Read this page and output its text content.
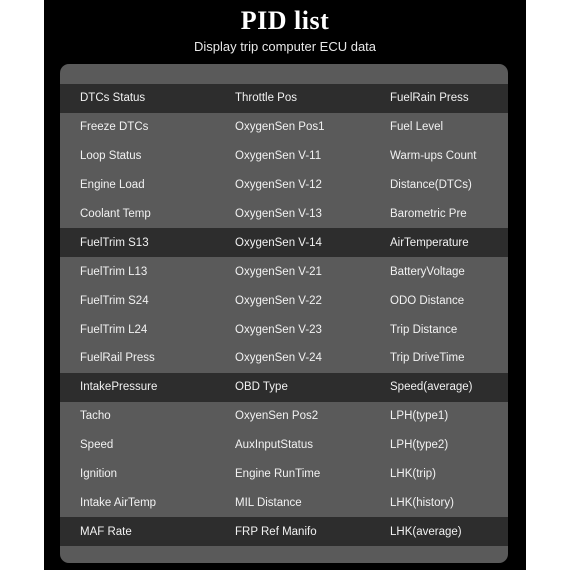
PID list
Display trip computer ECU data
DTCs Status	Throttle Pos	FuelRain Press
Freeze DTCs	OxygenSen Pos1	Fuel Level
Loop Status	OxygenSen V-11	Warm-ups Count
Engine Load	OxygenSen V-12	Distance(DTCs)
Coolant Temp	OxygenSen V-13	Barometric Pre
FuelTrim S13	OxygenSen V-14	AirTemperature
FuelTrim L13	OxygenSen V-21	BatteryVoltage
FuelTrim S24	OxygenSen V-22	ODO Distance
FuelTrim L24	OxygenSen V-23	Trip Distance
FuelRail Press	OxygenSen V-24	Trip DriveTime
IntakePressure	OBD Type	Speed(average)
Tacho	OxyenSen Pos2	LPH(type1)
Speed	AuxInputStatus	LPH(type2)
Ignition	Engine RunTime	LHK(trip)
Intake AirTemp	MIL Distance	LHK(history)
MAF Rate	FRP Ref Manifo	LHK(average)
